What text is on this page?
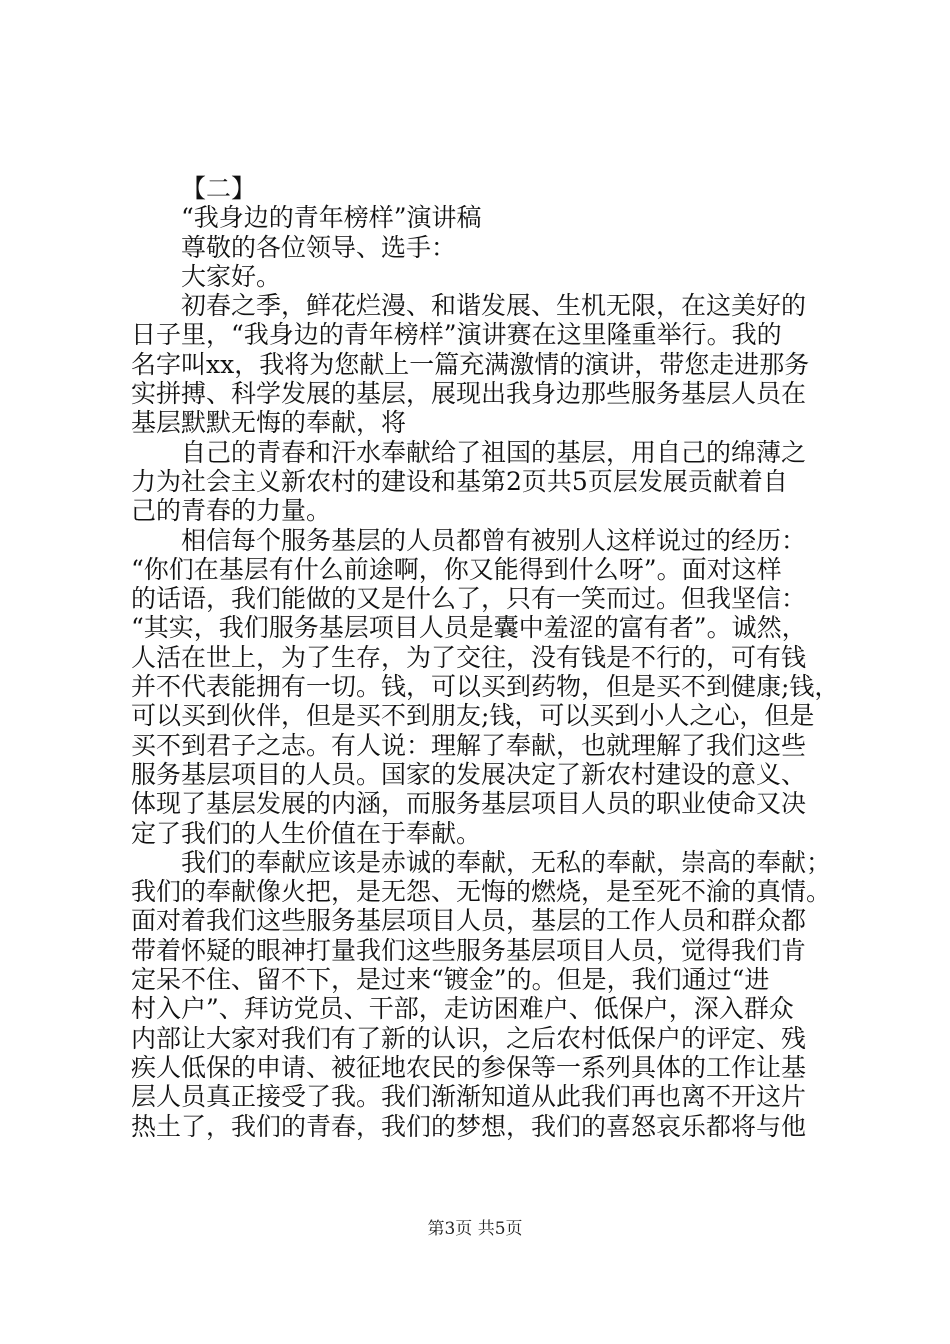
【二】
“我身边的青年榜样”演讲稿
尊敬的各位领导、选手：
大家好。
初春之季，鲜花烂漫、和谐发展、生机无限，在这美好的
日子里，“我身边的青年榜样”演讲赛在这里隆重举行。我的
名字叫xx，我将为您献上一篇充满激情的演讲，带您走进那务
实拼搏、科学发展的基层，展现出我身边那些服务基层人员在
基层默默无悔的奉献，将
自己的青春和汗水奉献给了祖国的基层，用自己的绵薄之
力为社会主义新农村的建设和基第2页共5页层发展贡献着自
己的青春的力量。
相信每个服务基层的人员都曾有被别人这样说过的经历：
“你们在基层有什么前途啊，你又能得到什么呀”。面对这样
的话语，我们能做的又是什么了，只有一笑而过。但我坚信：
“其实，我们服务基层项目人员是囊中羞涩的富有者”。诚然，
人活在世上，为了生存，为了交往，没有钱是不行的，可有钱
并不代表能拥有一切。钱，可以买到药物，但是买不到健康;钱，
可以买到伙伴，但是买不到朋友;钱，可以买到小人之心，但是
买不到君子之志。有人说：理解了奉献，也就理解了我们这些
服务基层项目的人员。国家的发展决定了新农村建设的意义、
体现了基层发展的内涵，而服务基层项目人员的职业使命又决
定了我们的人生价值在于奉献。
我们的奉献应该是赤诚的奉献，无私的奉献，崇高的奉献；
我们的奉献像火把，是无怨、无悔的燃烧，是至死不渝的真情。
面对着我们这些服务基层项目人员，基层的工作人员和群众都
带着怀疑的眼神打量我们这些服务基层项目人员，觉得我们肯
定呆不住、留不下，是过来“镀金”的。但是，我们通过“进
村入户”、拜访党员、干部，走访困难户、低保户，深入群众
内部让大家对我们有了新的认识，之后农村低保户的评定、残
疾人低保的申请、被征地农民的参保等一系列具体的工作让基
层人员真正接受了我。我们渐渐知道从此我们再也离不开这片
热土了，我们的青春，我们的梦想，我们的喜怒哀乐都将与他
第3页 共5页
